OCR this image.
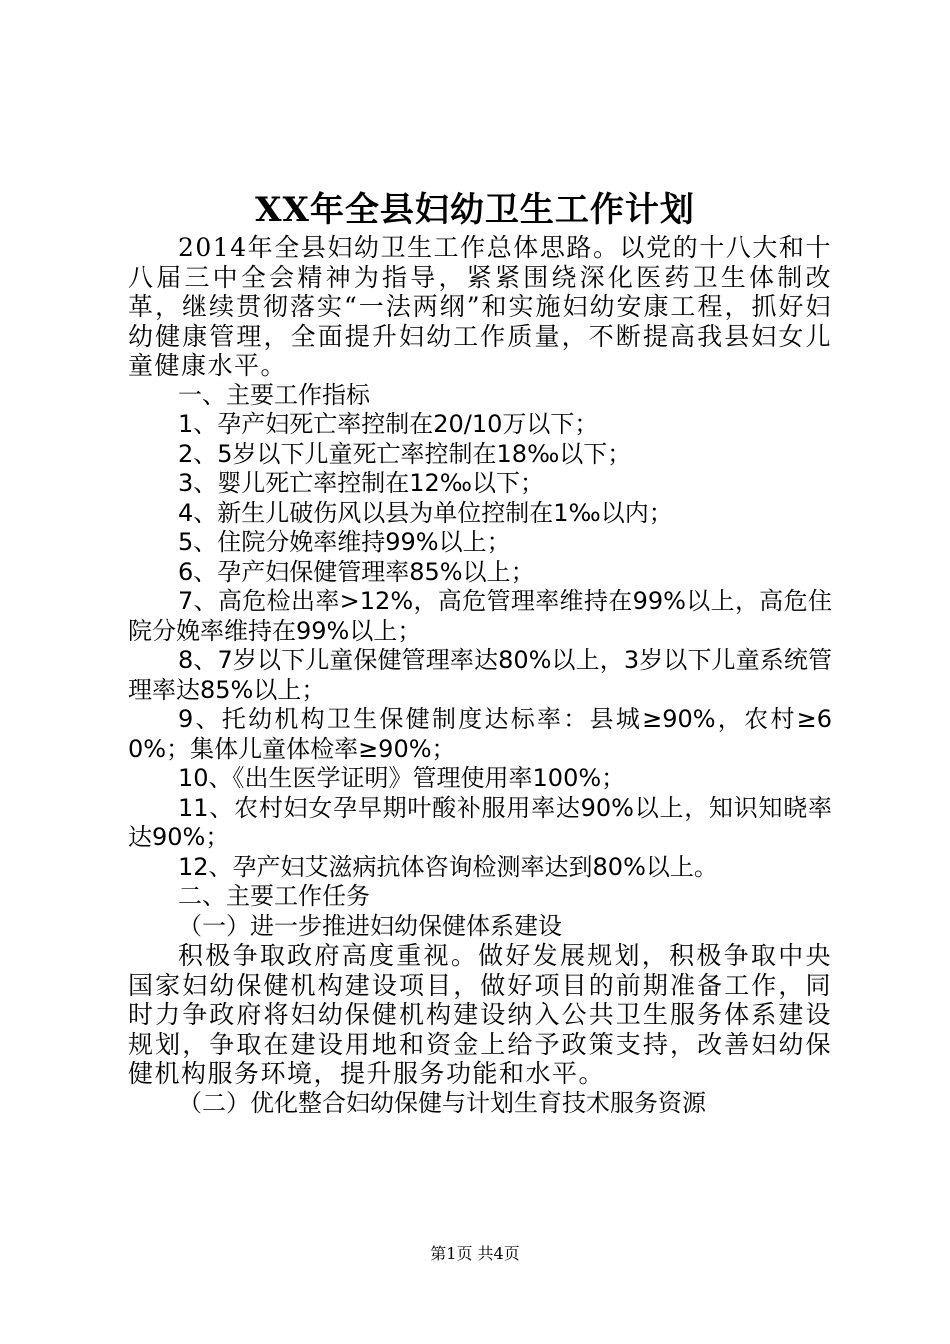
XX年全县妇幼卫生工作计划

2014年全县妇幼卫生工作总体思路。以党的十八大和十八届三中全会精神为指导，紧紧围绕深化医药卫生体制改革，继续贯彻落实“一法两纲”和实施妇幼安康工程，抓好妇幼健康管理，全面提升妇幼工作质量，不断提高我县妇女儿童健康水平。

一、主要工作指标

1、孕产妇死亡率控制在20/10万以下；

2、5岁以下儿童死亡率控制在18‰以下；

3、婴儿死亡率控制在12‰以下；

4、新生儿破伤风以县为单位控制在1‰以内；

5、住院分娩率维持99%以上；

6、孕产妇保健管理率85%以上；

7、高危检出率>12%，高危管理率维持在99%以上，高危住院分娩率维持在99%以上；

8、7岁以下儿童保健管理率达80%以上，3岁以下儿童系统管理率达85%以上；

9、托幼机构卫生保健制度达标率：县城≥90%，农村≥60%；集体儿童体检率≥90%；

10、《出生医学证明》管理使用率100%；

11、农村妇女孕早期叶酸补服用率达90%以上，知识知晓率达90%；

12、孕产妇艾滋病抗体咨询检测率达到80%以上。

二、主要工作任务

（一）进一步推进妇幼保健体系建设

积极争取政府高度重视。做好发展规划，积极争取中央国家妇幼保健机构建设项目，做好项目的前期准备工作，同时力争政府将妇幼保健机构建设纳入公共卫生服务体系建设规划，争取在建设用地和资金上给予政策支持，改善妇幼保健机构服务环境，提升服务功能和水平。

（二）优化整合妇幼保健与计划生育技术服务资源

第1页 共4页
